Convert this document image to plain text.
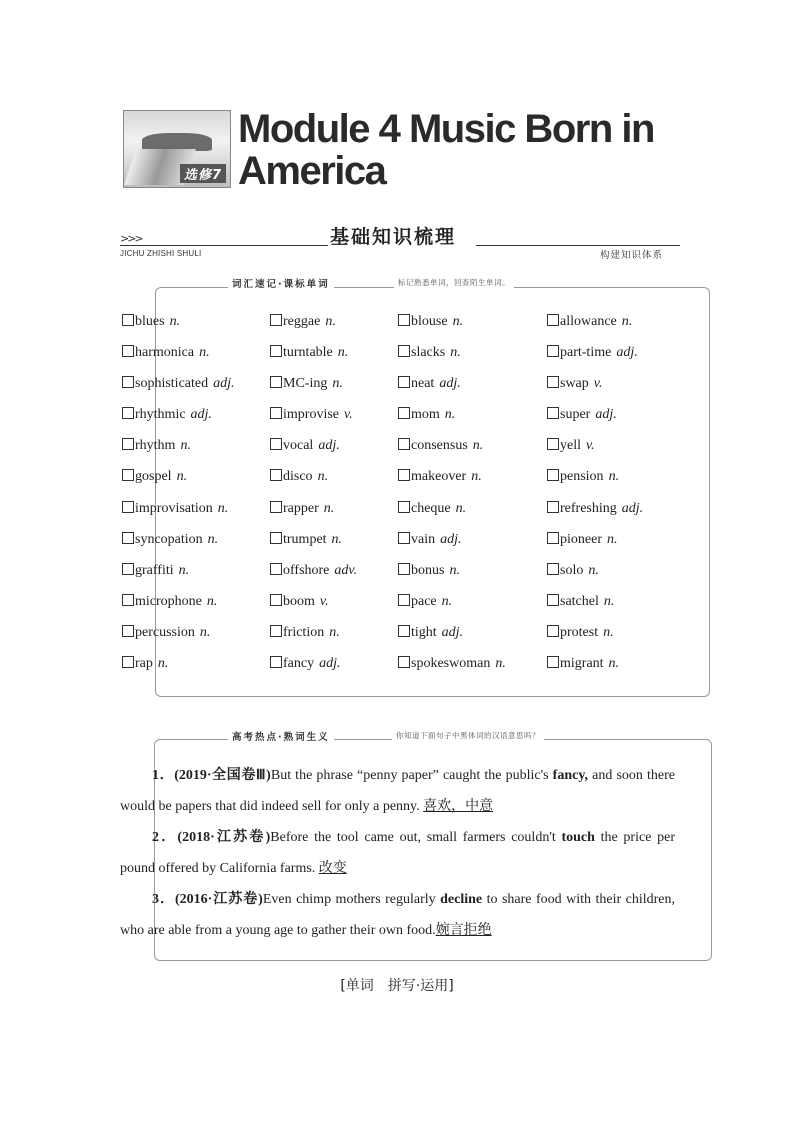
选修7
Module 4 Music Born in America
>>>	基础知识梳理
JICHU ZHISHI SHULI	构建知识体系
词汇速记·课标单词	标记熟悉单词，回查陌生单词。
blues n.	reggae n.	blouse n.	allowance n.
harmonica n.	turntable n.	slacks n.	part-time adj.
sophisticated adj.	MC-ing n.	neat adj.	swap v.
rhythmic adj.	improvise v.	mom n.	super adj.
rhythm n.	vocal adj.	consensus n.	yell v.
gospel n.	disco n.	makeover n.	pension n.
improvisation n.	rapper n.	cheque n.	refreshing adj.
syncopation n.	trumpet n.	vain adj.	pioneer n.
graffiti n.	offshore adv.	bonus n.	solo n.
microphone n.	boom v.	pace n.	satchel n.
percussion n.	friction n.	tight adj.	protest n.
rap n.	fancy adj.	spokeswoman n.	migrant n.
高考热点·熟词生义	你知道下面句子中黑体词的汉语意思吗？

1．(2019·全国卷Ⅲ)But the phrase “penny paper” caught the public's fancy, and soon there would be papers that did indeed sell for only a penny. 喜欢，中意

2．(2018·江苏卷)Before the tool came out, small farmers couldn't touch the price per pound offered by California farms. 改变

3．(2016·江苏卷)Even chimp mothers regularly decline to share food with their children, who are able from a young age to gather their own food.婉言拒绝

[单词　拼写·运用]
